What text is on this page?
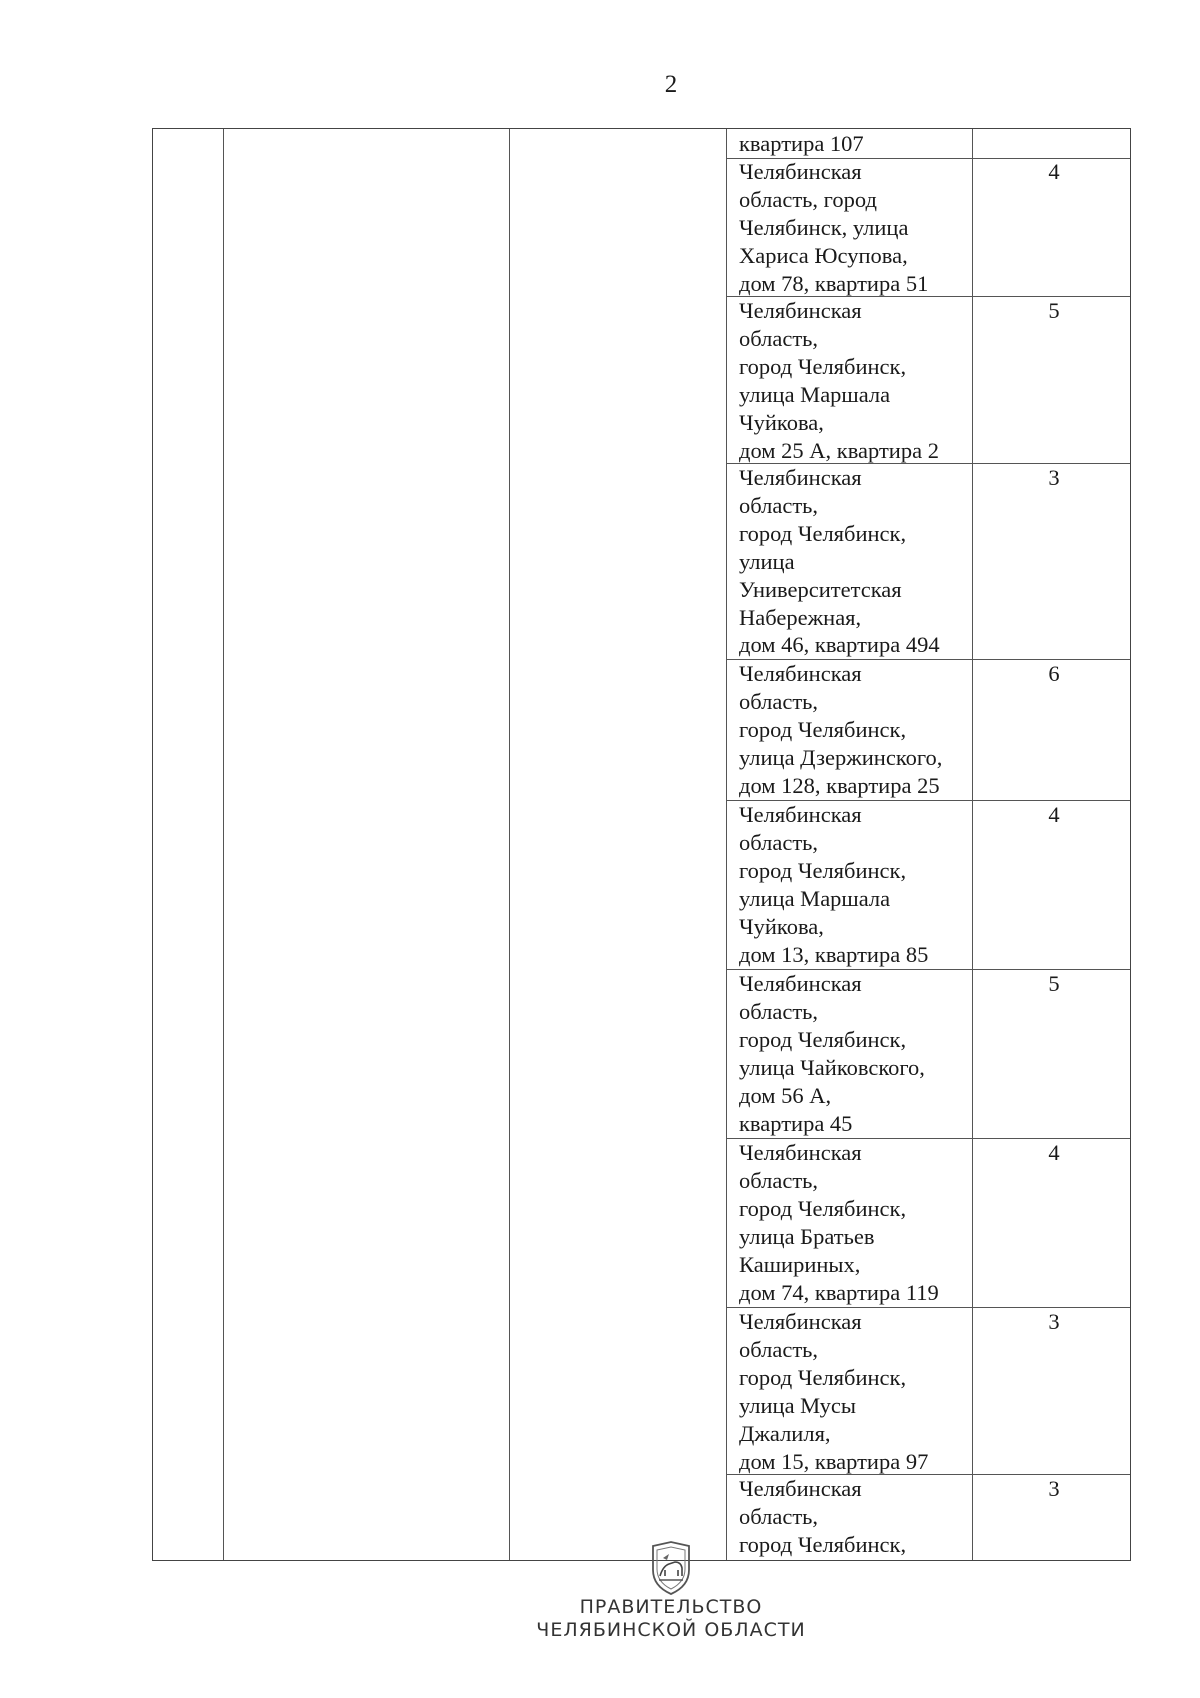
2
квартира 107
Челябинская
область, город
Челябинск, улица
Хариса Юсупова,
дом 78, квартира 51
4
Челябинская
область,
город Челябинск,
улица Маршала
Чуйкова,
дом 25 А, квартира 2
5
Челябинская
область,
город Челябинск,
улица
Университетская
Набережная,
дом 46, квартира 494
3
Челябинская
область,
город Челябинск,
улица Дзержинского,
дом 128, квартира 25
6
Челябинская
область,
город Челябинск,
улица Маршала
Чуйкова,
дом 13, квартира 85
4
Челябинская
область,
город Челябинск,
улица Чайковского,
дом 56 А,
квартира 45
5
Челябинская
область,
город Челябинск,
улица Братьев
Кашириных,
дом 74, квартира 119
4
Челябинская
область,
город Челябинск,
улица Мусы
Джалиля,
дом 15, квартира 97
3
Челябинская
область,
город Челябинск,
3
ПРАВИТЕЛЬСТВО
ЧЕЛЯБИНСКОЙ ОБЛАСТИ
